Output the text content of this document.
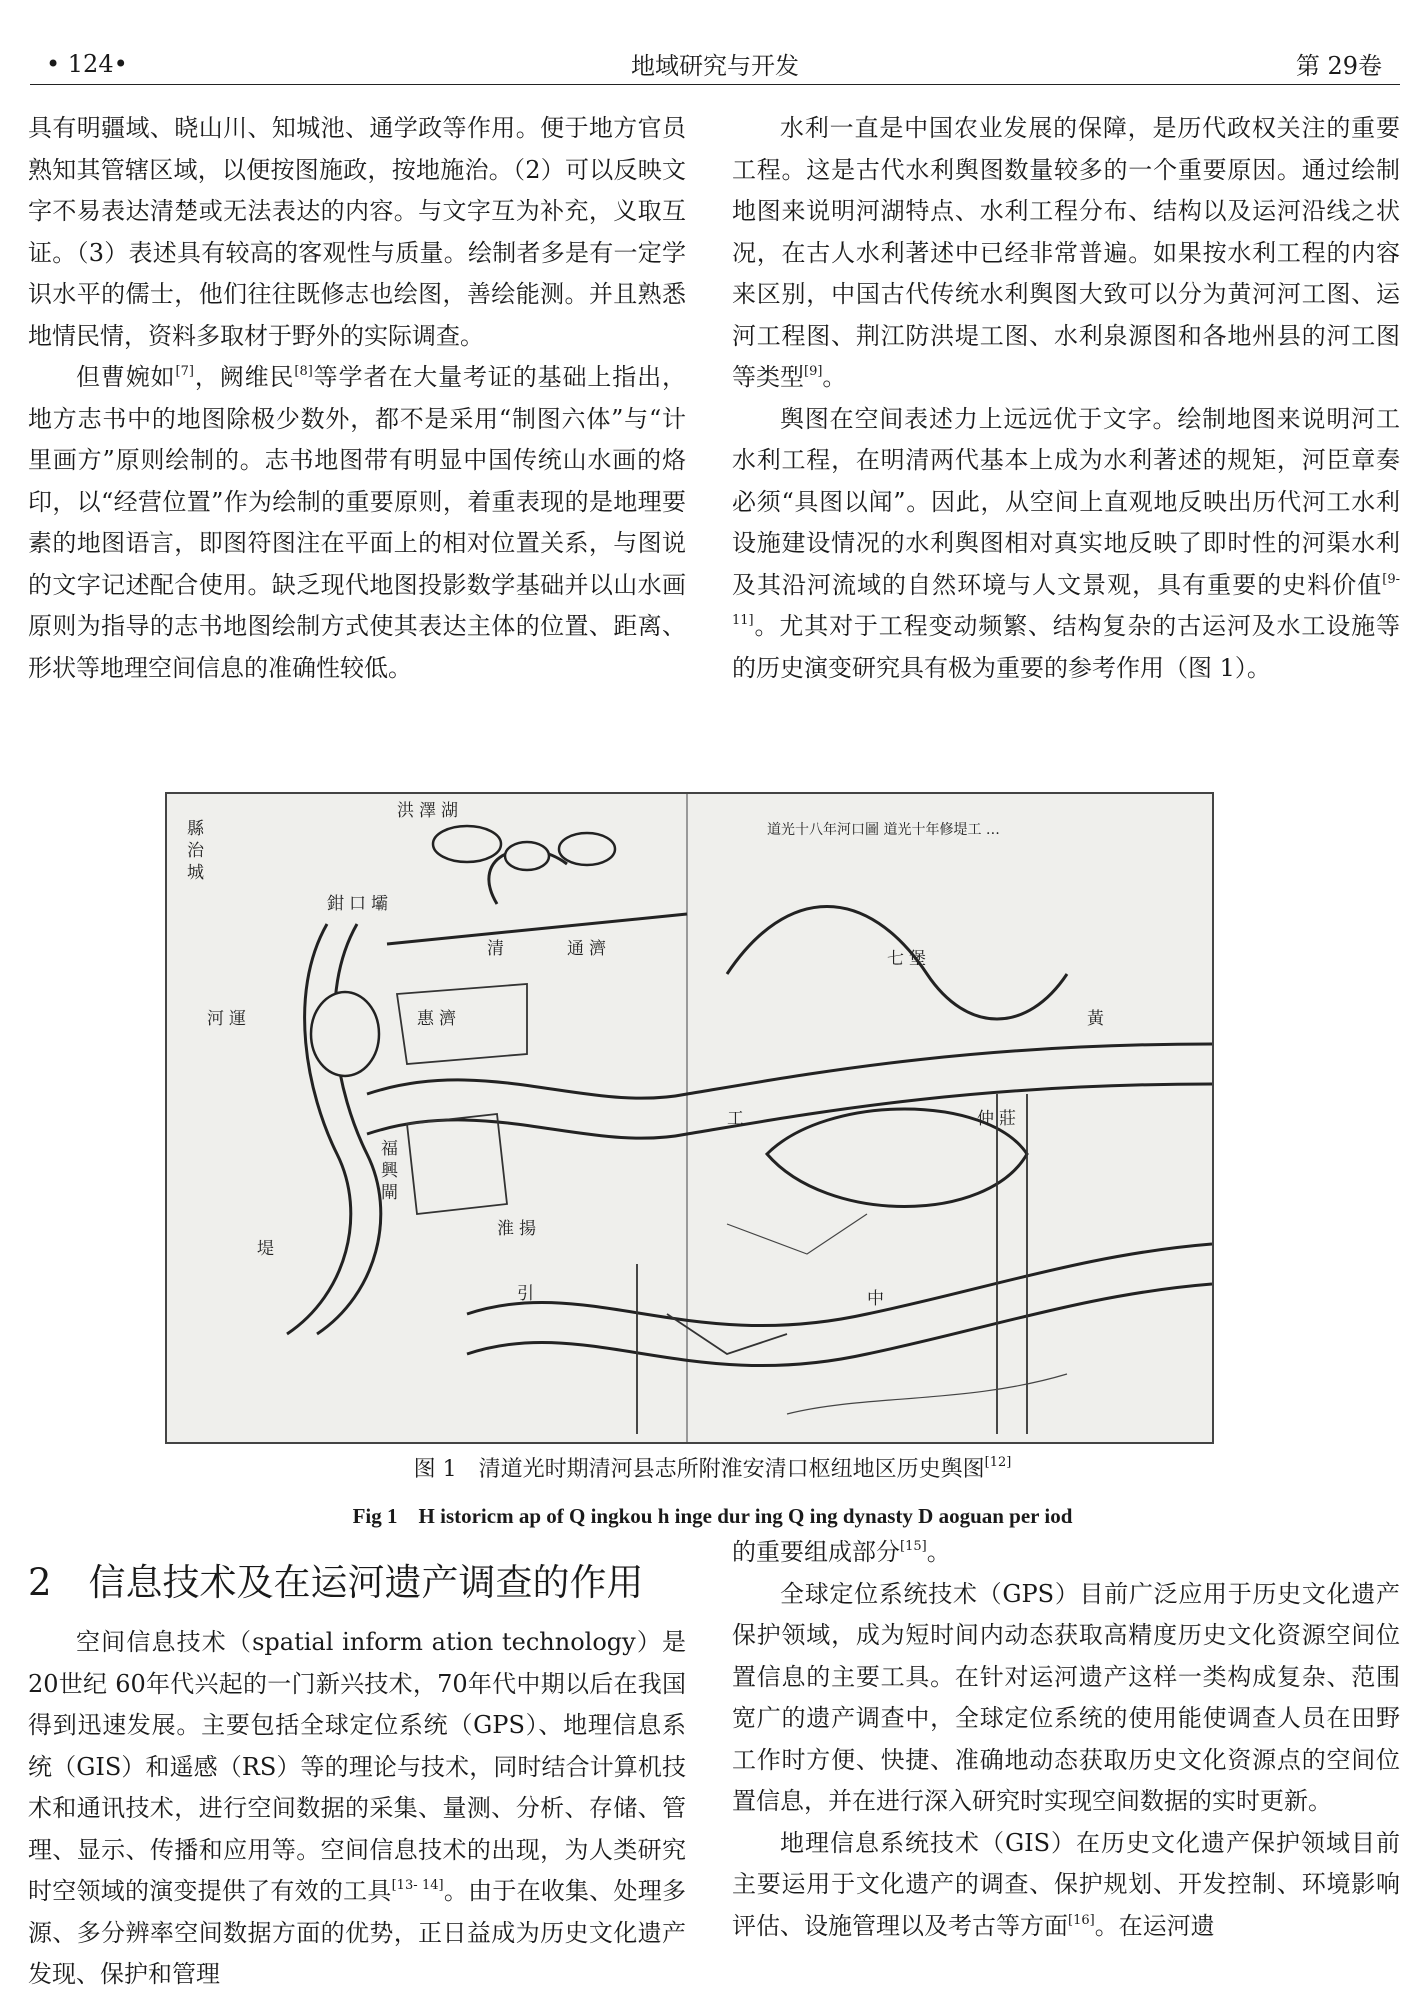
• 124•	地域研究与开发	第 29卷

具有明疆域、晓山川、知城池、通学政等作用。便于地方官员熟知其管辖区域，以便按图施政，按地施治。（2）可以反映文字不易表达清楚或无法表达的内容。与文字互为补充，义取互证。（3）表述具有较高的客观性与质量。绘制者多是有一定学识水平的儒士，他们往往既修志也绘图，善绘能测。并且熟悉地情民情，资料多取材于野外的实际调查。

但曹婉如[7]，阙维民[8]等学者在大量考证的基础上指出，地方志书中的地图除极少数外，都不是采用“制图六体”与“计里画方”原则绘制的。志书地图带有明显中国传统山水画的烙印，以“经营位置”作为绘制的重要原则，着重表现的是地理要素的地图语言，即图符图注在平面上的相对位置关系，与图说的文字记述配合使用。缺乏现代地图投影数学基础并以山水画原则为指导的志书地图绘制方式使其表达主体的位置、距离、形状等地理空间信息的准确性较低。

水利一直是中国农业发展的保障，是历代政权关注的重要工程。这是古代水利舆图数量较多的一个重要原因。通过绘制地图来说明河湖特点、水利工程分布、结构以及运河沿线之状况，在古人水利著述中已经非常普遍。如果按水利工程的内容来区别，中国古代传统水利舆图大致可以分为黄河河工图、运河工程图、荆江防洪堤工图、水利泉源图和各地州县的河工图等类型[9]。

舆图在空间表述力上远远优于文字。绘制地图来说明河工水利工程，在明清两代基本上成为水利著述的规矩，河臣章奏必须“具图以闻”。因此，从空间上直观地反映出历代河工水利设施建设情况的水利舆图相对真实地反映了即时性的河渠水利及其沿河流域的自然环境与人文景观，具有重要的史料价值[9- 11]。尤其对于工程变动频繁、结构复杂的古运河及水工设施等的历史演变研究具有极为重要的参考作用（图 1）。

洪 澤 湖
河 運
清
黃
中
引
堤
工
七 堡
仲 莊
福
興
閘
惠 濟
通 濟
鉗 口 壩
淮 揚
縣
治
城
道光十八年河口圖 道光十年修堤工 …
图 1　清道光时期清河县志所附淮安清口枢纽地区历史舆图[12]
Fig 1　H istoricm ap of Q ingkou h inge dur ing Q ing dynasty D aoguan per iod
2　信息技术及在运河遗产调查的作用

空间信息技术（spatial inform ation technology）是 20世纪 60年代兴起的一门新兴技术，70年代中期以后在我国得到迅速发展。主要包括全球定位系统（GPS）、地理信息系统（GIS）和遥感（RS）等的理论与技术，同时结合计算机技术和通讯技术，进行空间数据的采集、量测、分析、存储、管理、显示、传播和应用等。空间信息技术的出现，为人类研究时空领域的演变提供了有效的工具[13- 14]。由于在收集、处理多源、多分辨率空间数据方面的优势，正日益成为历史文化遗产发现、保护和管理

的重要组成部分[15]。

全球定位系统技术（GPS）目前广泛应用于历史文化遗产保护领域，成为短时间内动态获取高精度历史文化资源空间位置信息的主要工具。在针对运河遗产这样一类构成复杂、范围宽广的遗产调查中，全球定位系统的使用能使调查人员在田野工作时方便、快捷、准确地动态获取历史文化资源点的空间位置信息，并在进行深入研究时实现空间数据的实时更新。

地理信息系统技术（GIS）在历史文化遗产保护领域目前主要运用于文化遗产的调查、保护规划、开发控制、环境影响评估、设施管理以及考古等方面[16]。在运河遗
